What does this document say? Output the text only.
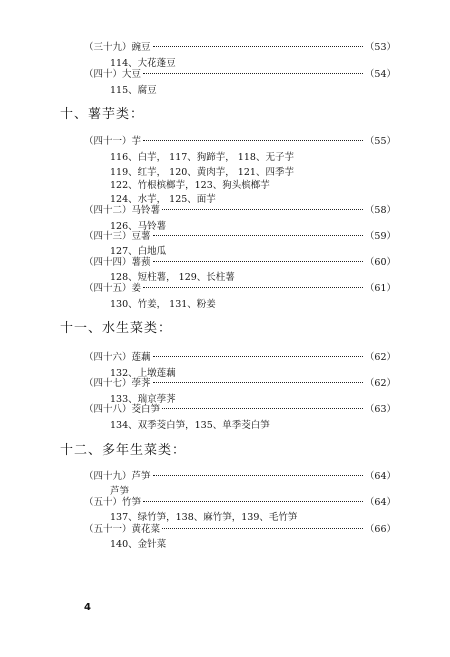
（三十九）豌豆	（53）
114、大花蓬豆
（四十）大豆	（54）
115、腐豆
十、薯芋类：
（四十一）芋	（55）
116、白芋， 117、狗蹄芋， 118、无子芋
119、红芋， 120、黄肉芋， 121、四季芋
122、竹根槟榔芋，123、狗头槟榔芋
124、水芋， 125、面芋
（四十二）马铃薯	（58）
126、马铃薯
（四十三）豆薯	（59）
127、白地瓜
（四十四）薯蓣	（60）
128、短柱薯， 129、长柱薯
（四十五）姜	（61）
130、竹姜， 131、粉姜
十一、水生菜类：
（四十六）莲藕	（62）
132、上墩莲藕
（四十七）荸荠	（62）
133、瑞京荸荠
（四十八）茭白笋	（63）
134、双季茭白笋，135、单季茭白笋
十二、多年生菜类：
（四十九）芦笋	（64）
芦笋
（五十）竹笋	（64）
137、绿竹笋，138、麻竹笋，139、毛竹笋
（五十一）黄花菜	（66）
140、金针菜
4
